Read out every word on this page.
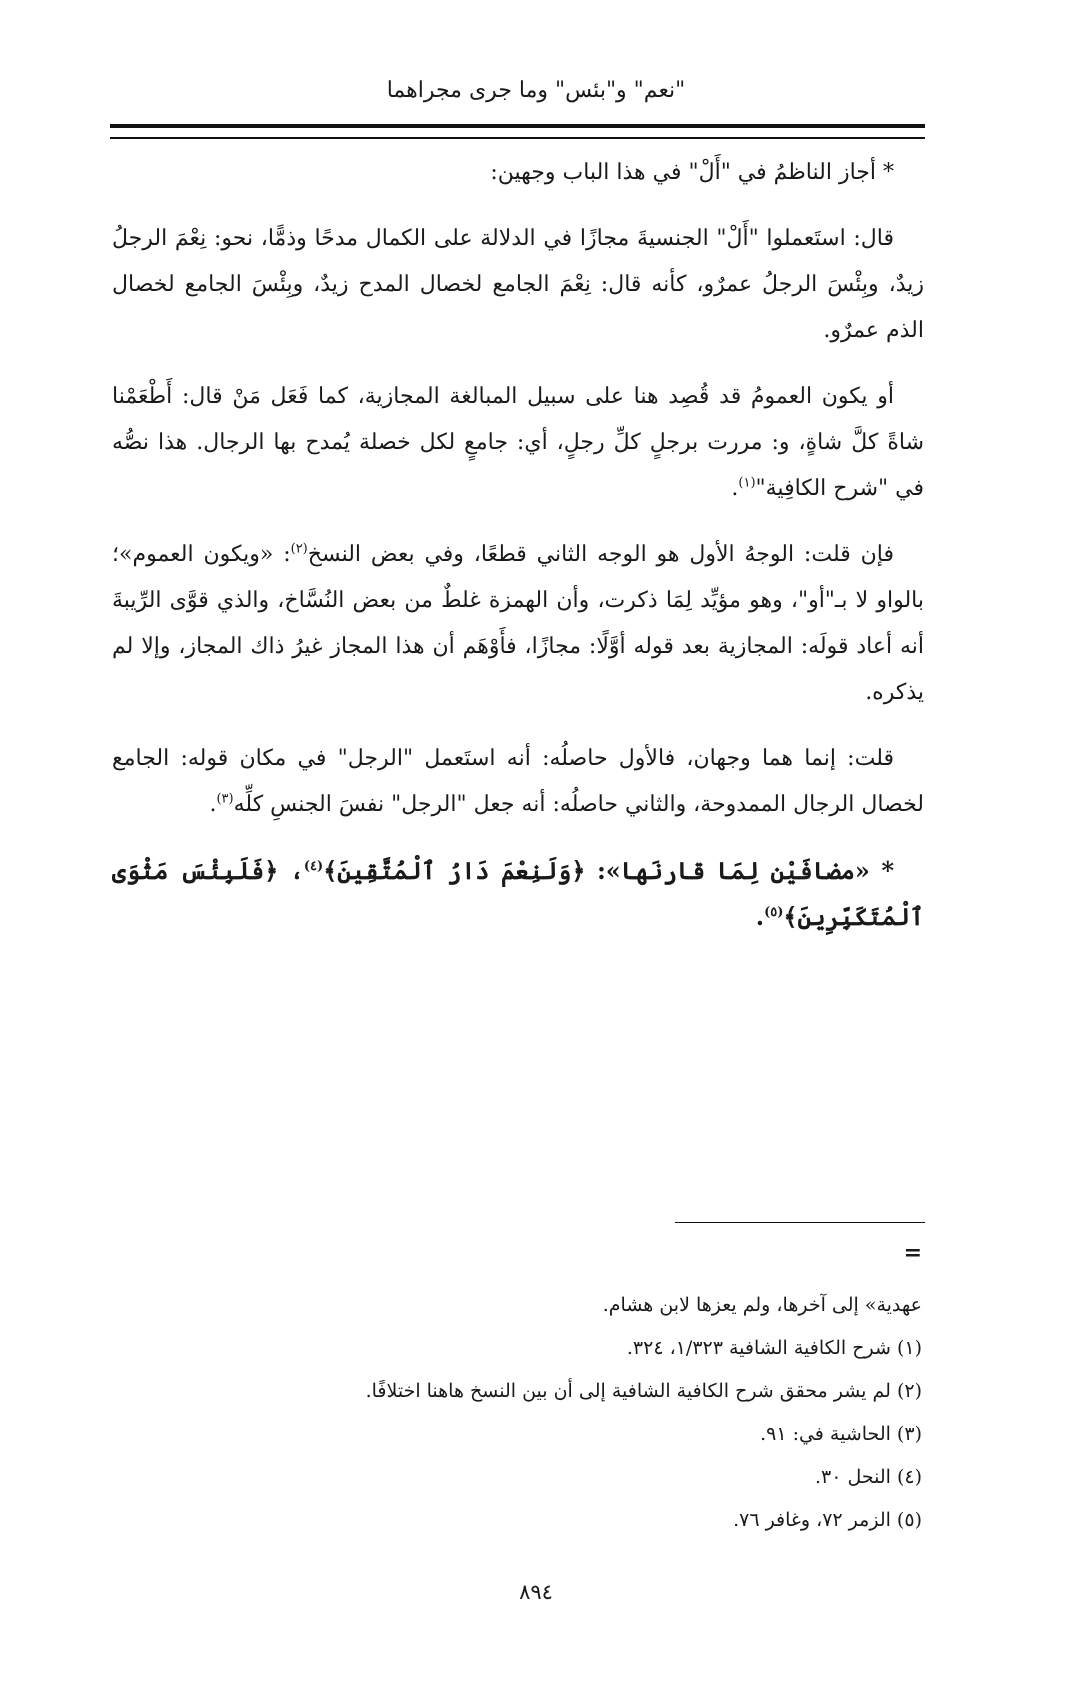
"نعم" و"بئس" وما جرى مجراهما

* أجاز الناظمُ في "أَلْ" في هذا الباب وجهين:

قال: استَعملوا "أَلْ" الجنسيةَ مجازًا في الدلالة على الكمال مدحًا وذمًّا، نحو: نِعْمَ الرجلُ زيدٌ، وبِئْسَ الرجلُ عمرٌو، كأنه قال: نِعْمَ الجامع لخصال المدح زيدٌ، وبِئْسَ الجامع لخصال الذم عمرٌو.

أو يكون العمومُ قد قُصِد هنا على سبيل المبالغة المجازية، كما فَعَل مَنْ قال: أَطْعَمْنا شاةً كلَّ شاةٍ، و: مررت برجلٍ كلِّ رجلٍ، أي: جامعٍ لكل خصلة يُمدح بها الرجال. هذا نصُّه في "شرح الكافِية"$^{(١)}$.

فإن قلت: الوجهُ الأول هو الوجه الثاني قطعًا، وفي بعض النسخ$^{(٢)}$: «ويكون العموم»؛ بالواو لا بـ"أو"، وهو مؤيِّد لِمَا ذكرت، وأن الهمزة غلطٌ من بعض النُسَّاخ، والذي قوَّى الرِّيبةَ أنه أعاد قولَه: المجازية بعد قوله أوَّلًا: مجازًا، فأَوْهَم أن هذا المجاز غيرُ ذاك المجاز، وإلا لم يذكره.

قلت: إنما هما وجهان، فالأول حاصلُه: أنه استَعمل "الرجل" في مكان قوله: الجامع لخصال الرجال الممدوحة، والثاني حاصلُه: أنه جعل "الرجل" نفسَ الجنسِ كلِّه$^{(٣)}$.

* «مضافَيْن لِمَا قارنَها»: ﴿وَلَنِعْمَ دَارُ ٱلْمُتَّقِينَ﴾$^{(٤)}$، ﴿فَلَبِئْسَ مَثْوَى ٱلْمُتَكَبِّرِينَ﴾$^{(٥)}$.

=
عهدية» إلى آخرها، ولم يعزها لابن هشام.
(١) شرح الكافية الشافية ١/٣٢٣، ٣٢٤.
(٢) لم يشر محقق شرح الكافية الشافية إلى أن بين النسخ هاهنا اختلافًا.
(٣) الحاشية في: ٩١.
(٤) النحل ٣٠.
(٥) الزمر ٧٢، وغافر ٧٦.
٨٩٤
